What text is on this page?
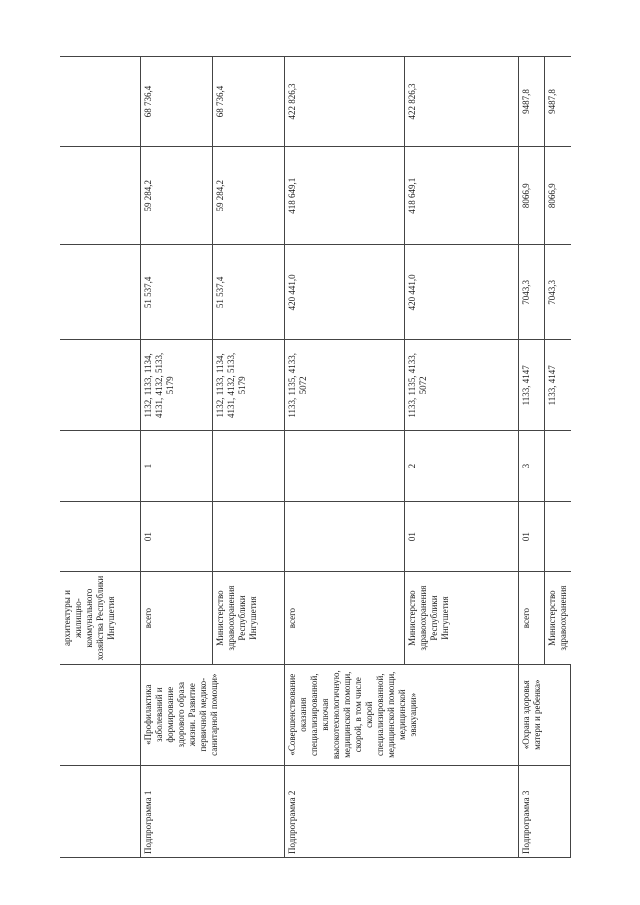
		архитектуры и жилищно-коммунального хозяйства Республики Ингушетия						
Подпрограмма 1	«Профилактика заболеваний и формирование здорового образа жизни. Развитие первичной медико-санитарной помощи»	всего	01	1	1132, 1133, 1134, 4131, 4132, 5133, 5179	51 537,4	59 284,2	68 736,4
		Министерство здравоохранения Республики Ингушетия			1132, 1133, 1134, 4131, 4132, 5133, 5179	51 537,4	59 284,2	68 736,4
Подпрограмма 2	«Совершенствование оказания специализированной, включая высокотехнологичную, медицинской помощи, скорой, в том числе скорой специализированной, медицинской помощи, медицинской эвакуации»	всего			1133, 1135, 4133, 5072	420 441,0	418 649,1	422 826,3
		Министерство здравоохранения Республики Ингушетия	01	2	1133, 1135, 4133, 5072	420 441,0	418 649,1	422 826,3
Подпрограмма 3	«Охрана здоровья матери и ребенка»	всего	01	3	1133, 4147	7043,3	8066,9	9487,8
		Министерство здравоохранения			1133, 4147	7043,3	8066,9	9487,8
